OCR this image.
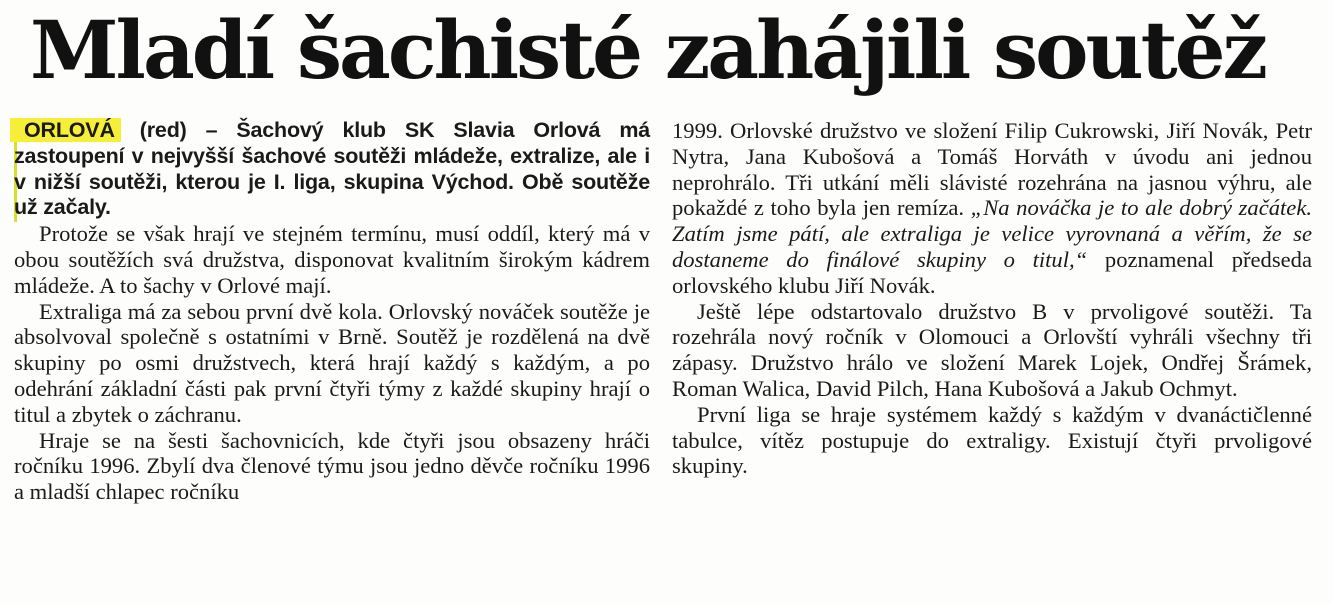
Mladí šachisté zahájili soutěž

ORLOVÁ (red) – Šachový klub SK Slavia Orlová má zastoupení v nejvyšší šachové soutěži mládeže, extralize, ale i v nižší soutěži, kterou je I. liga, skupina Východ. Obě soutěže už začaly.

Protože se však hrají ve stejném termínu, musí oddíl, který má v obou soutěžích svá družstva, disponovat kvalitním širokým kádrem mládeže. A to šachy v Orlové mají.

Extraliga má za sebou první dvě kola. Orlovský nováček soutěže je absolvoval společně s ostatními v Brně. Soutěž je rozdělená na dvě skupiny po osmi družstvech, která hrají každý s každým, a po odehrání základní části pak první čtyři týmy z každé skupiny hrají o titul a zbytek o záchranu.

Hraje se na šesti šachovnicích, kde čtyři jsou obsazeny hráči ročníku 1996. Zbylí dva členové týmu jsou jedno děvče ročníku 1996 a mladší chlapec ročníku

1999. Orlovské družstvo ve složení Filip Cukrowski, Jiří Novák, Petr Nytra, Jana Kubošová a Tomáš Horváth v úvodu ani jednou neprohrálo. Tři utkání měli slávisté rozehrána na jasnou výhru, ale pokaždé z toho byla jen remíza. „Na nováčka je to ale dobrý začátek. Zatím jsme pátí, ale extraliga je velice vyrovnaná a věřím, že se dostaneme do finálové skupiny o titul,“ poznamenal předseda orlovského klubu Jiří Novák.

Ještě lépe odstartovalo družstvo B v prvoligové soutěži. Ta rozehrála nový ročník v Olomouci a Orlovští vyhráli všechny tři zápasy. Družstvo hrálo ve složení Marek Lojek, Ondřej Šrámek, Roman Walica, David Pilch, Hana Kubošová a Jakub Ochmyt.

První liga se hraje systémem každý s každým v dvanáctičlenné tabulce, vítěz postupuje do extraligy. Existují čtyři prvoligové skupiny.
